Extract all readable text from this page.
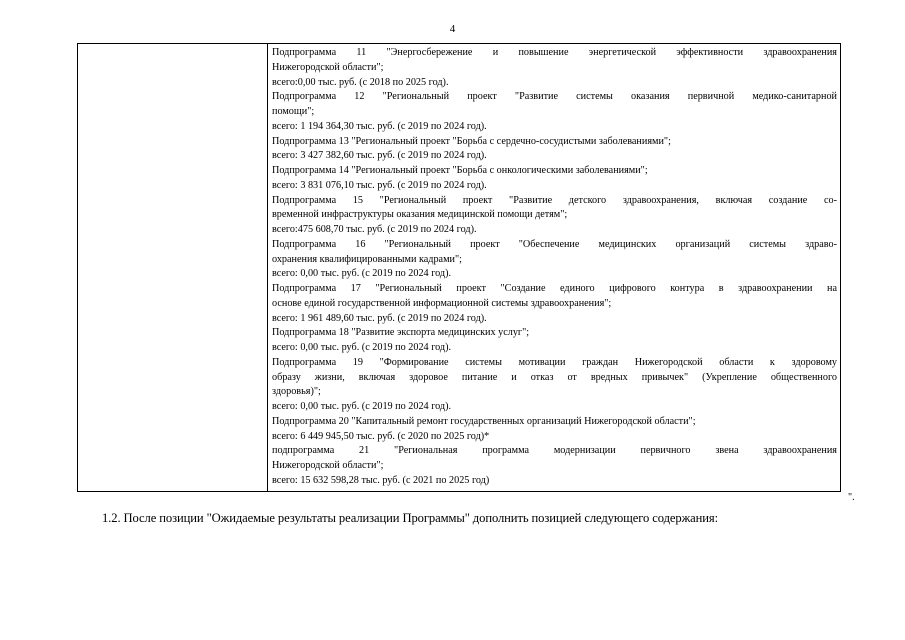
4
Подпрограмма 11 "Энергосбережение и повышение энергетической эффективности здравоохранения
Нижегородской области";
всего:0,00 тыс. руб. (с 2018 по 2025 год).
Подпрограмма 12 "Региональный проект "Развитие системы оказания первичной медико-санитарной
помощи";
всего: 1 194 364,30 тыс. руб. (с 2019 по 2024 год).
Подпрограмма 13 "Региональный проект "Борьба с сердечно-сосудистыми заболеваниями";
всего: 3 427 382,60 тыс. руб. (с 2019 по 2024 год).
Подпрограмма 14 "Региональный проект "Борьба с онкологическими заболеваниями";
всего: 3 831 076,10 тыс. руб. (с 2019 по 2024 год).
Подпрограмма 15 "Региональный проект "Развитие детского здравоохранения, включая создание со-
временной инфраструктуры оказания медицинской помощи детям";
всего:475 608,70 тыс. руб. (с 2019 по 2024 год).
Подпрограмма 16 "Региональный проект "Обеспечение медицинских организаций системы здраво-
охранения квалифицированными кадрами";
всего: 0,00 тыс. руб. (с 2019 по 2024 год).
Подпрограмма 17 "Региональный проект "Создание единого цифрового контура в здравоохранении на
основе единой государственной информационной системы здравоохранения";
всего: 1 961 489,60 тыс. руб. (с 2019 по 2024 год).
Подпрограмма 18 "Развитие экспорта медицинских услуг";
всего: 0,00 тыс. руб. (с 2019 по 2024 год).
Подпрограмма 19 "Формирование системы мотивации граждан Нижегородской области к здоровому
образу жизни, включая здоровое питание и отказ от вредных привычек" (Укрепление общественного
здоровья)";
всего: 0,00 тыс. руб. (с 2019 по 2024 год).
Подпрограмма 20 "Капитальный ремонт государственных организаций Нижегородской области";
всего: 6 449 945,50 тыс. руб. (с 2020 по 2025 год)*
подпрограмма 21 "Региональная программа модернизации первичного звена здравоохранения
Нижегородской области";
всего: 15 632 598,28 тыс. руб. (с 2021 по 2025 год)
".
1.2. После позиции "Ожидаемые результаты реализации Программы" дополнить позицией следующего содержания:
